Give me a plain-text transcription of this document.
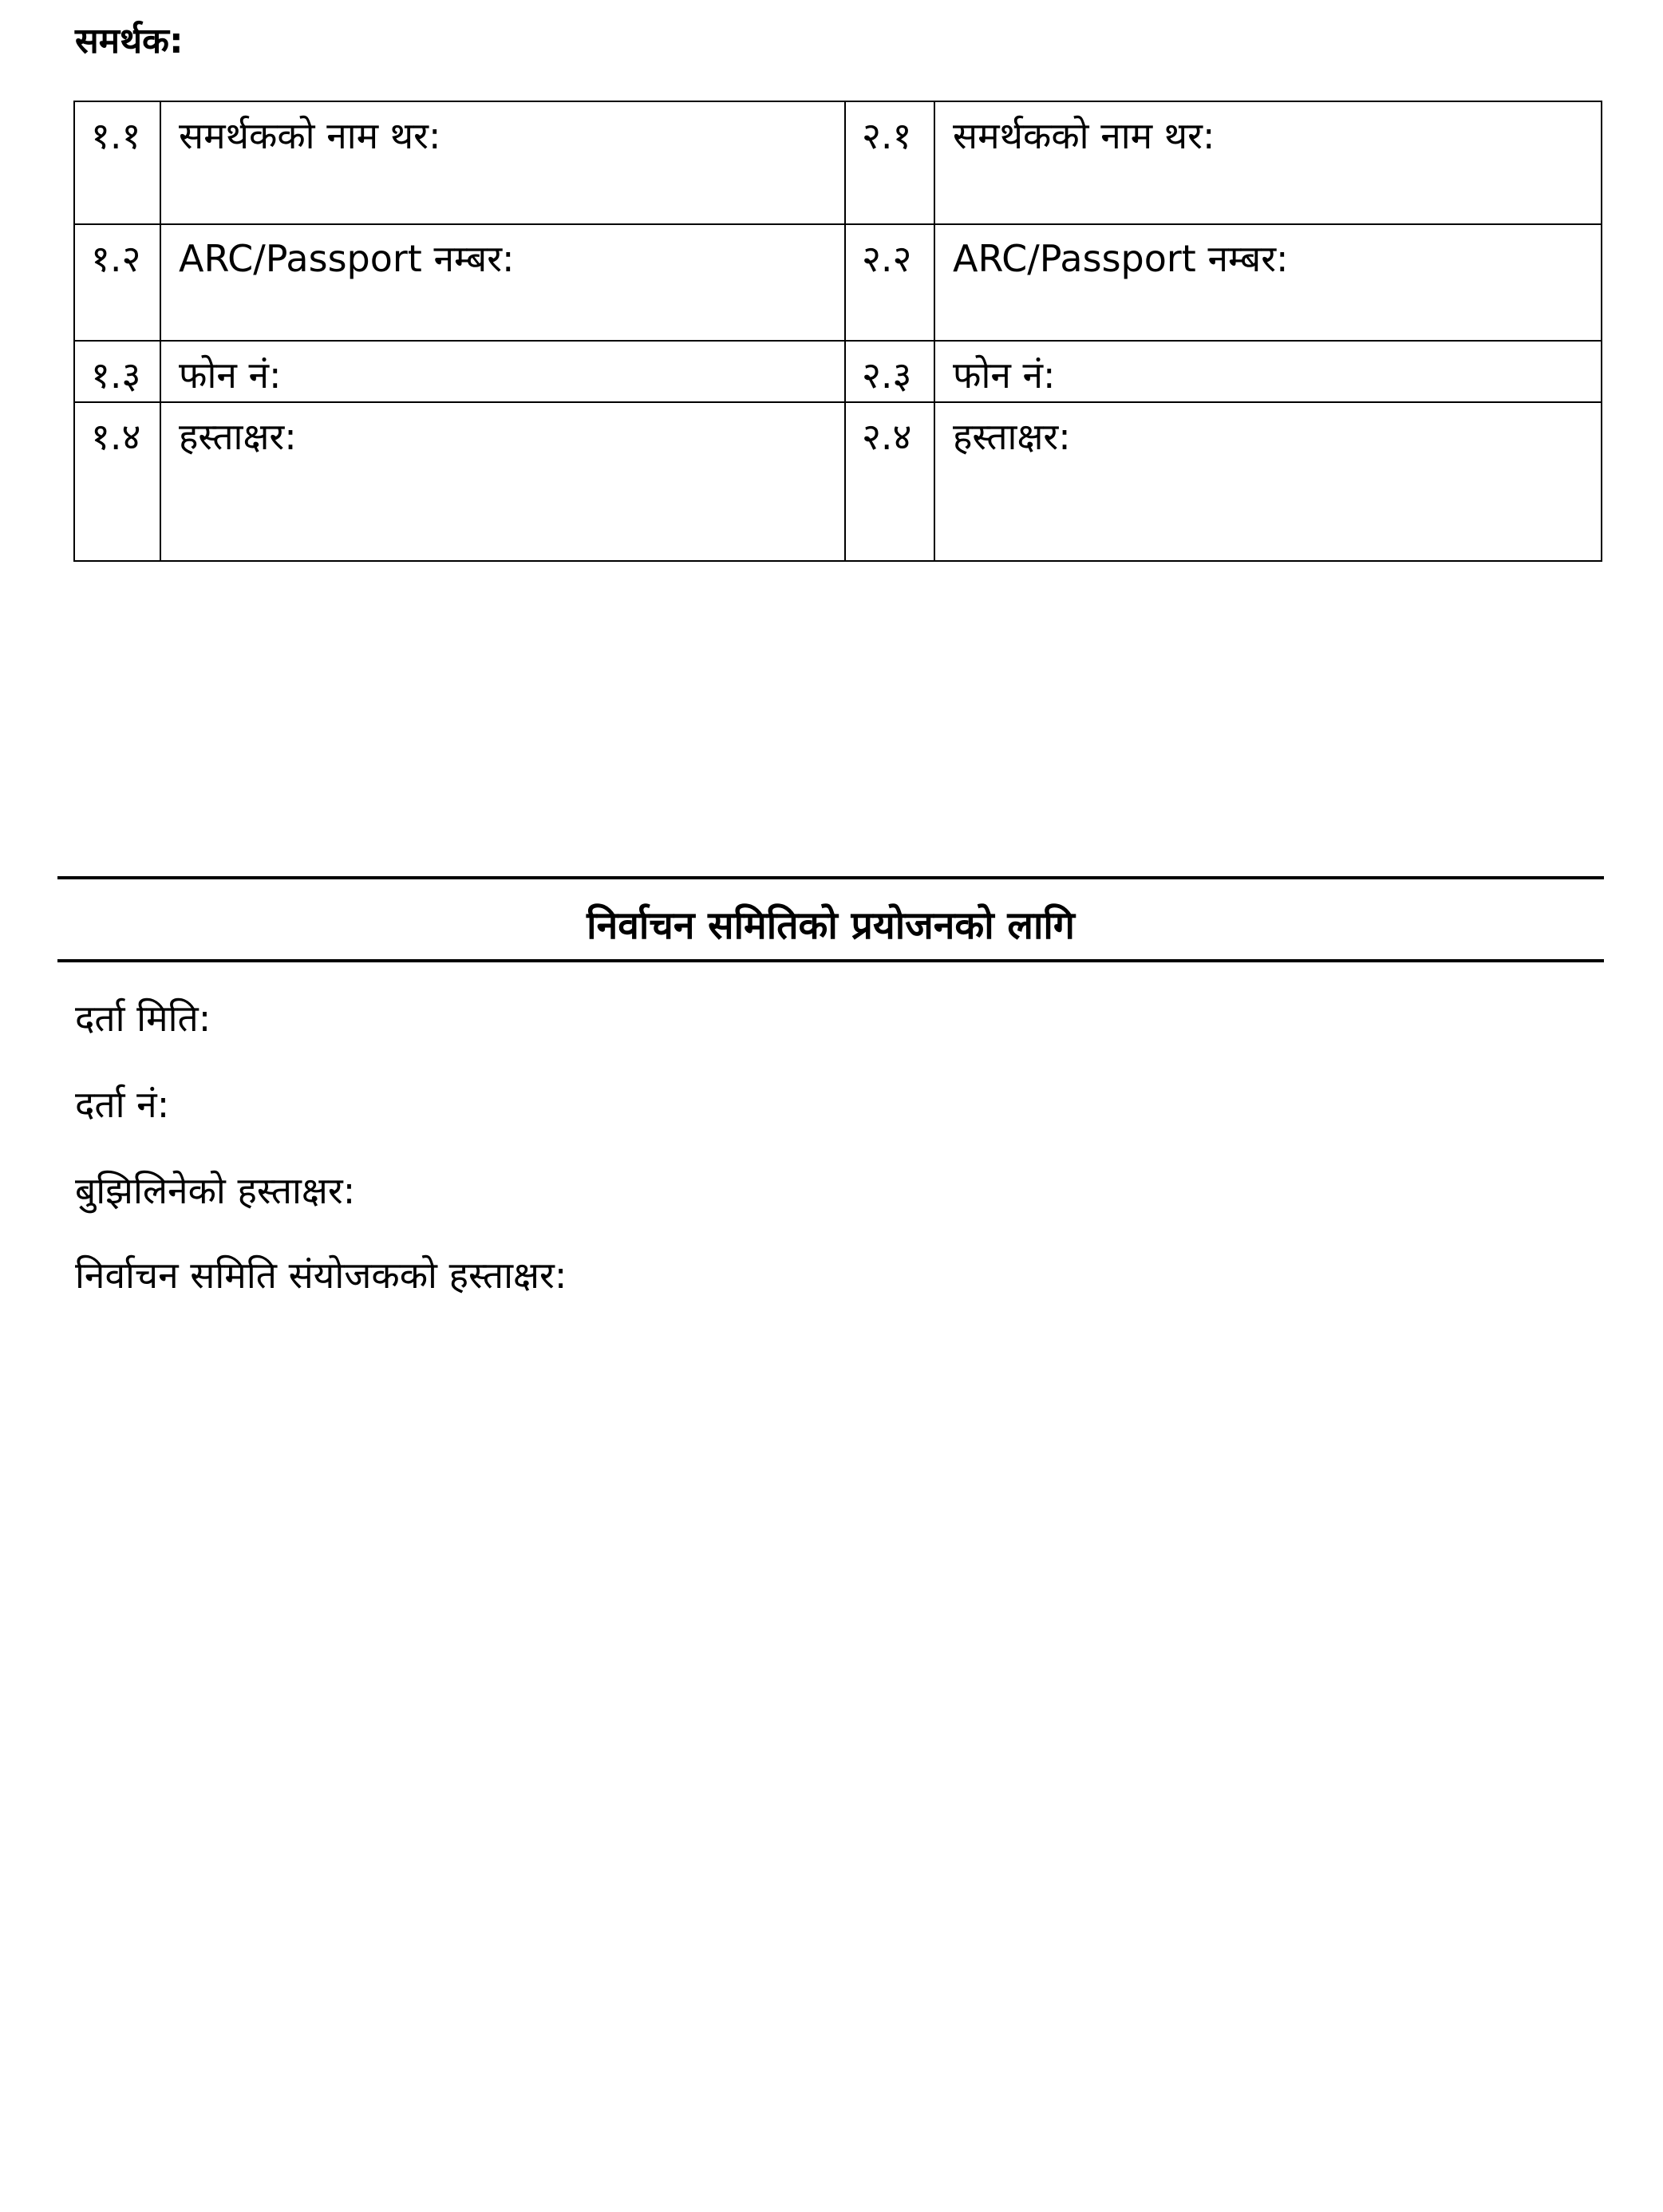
समर्थक:
१.१	समर्थकको नाम थर:	२.१	समर्थकको नाम थर:
१.२	ARC/Passport नम्बर:	२.२	ARC/Passport नम्बर:
१.३	फोन नं:	२.३	फोन नं:
१.४	हस्ताक्षर:	२.४	हस्ताक्षर:
निर्वाचन समितिको प्रयोजनको लागि
दर्ता मिति:
दर्ता नं:
बुझिलिनेको हस्ताक्षर:
निर्वाचन समिति संयोजकको हस्ताक्षर:
